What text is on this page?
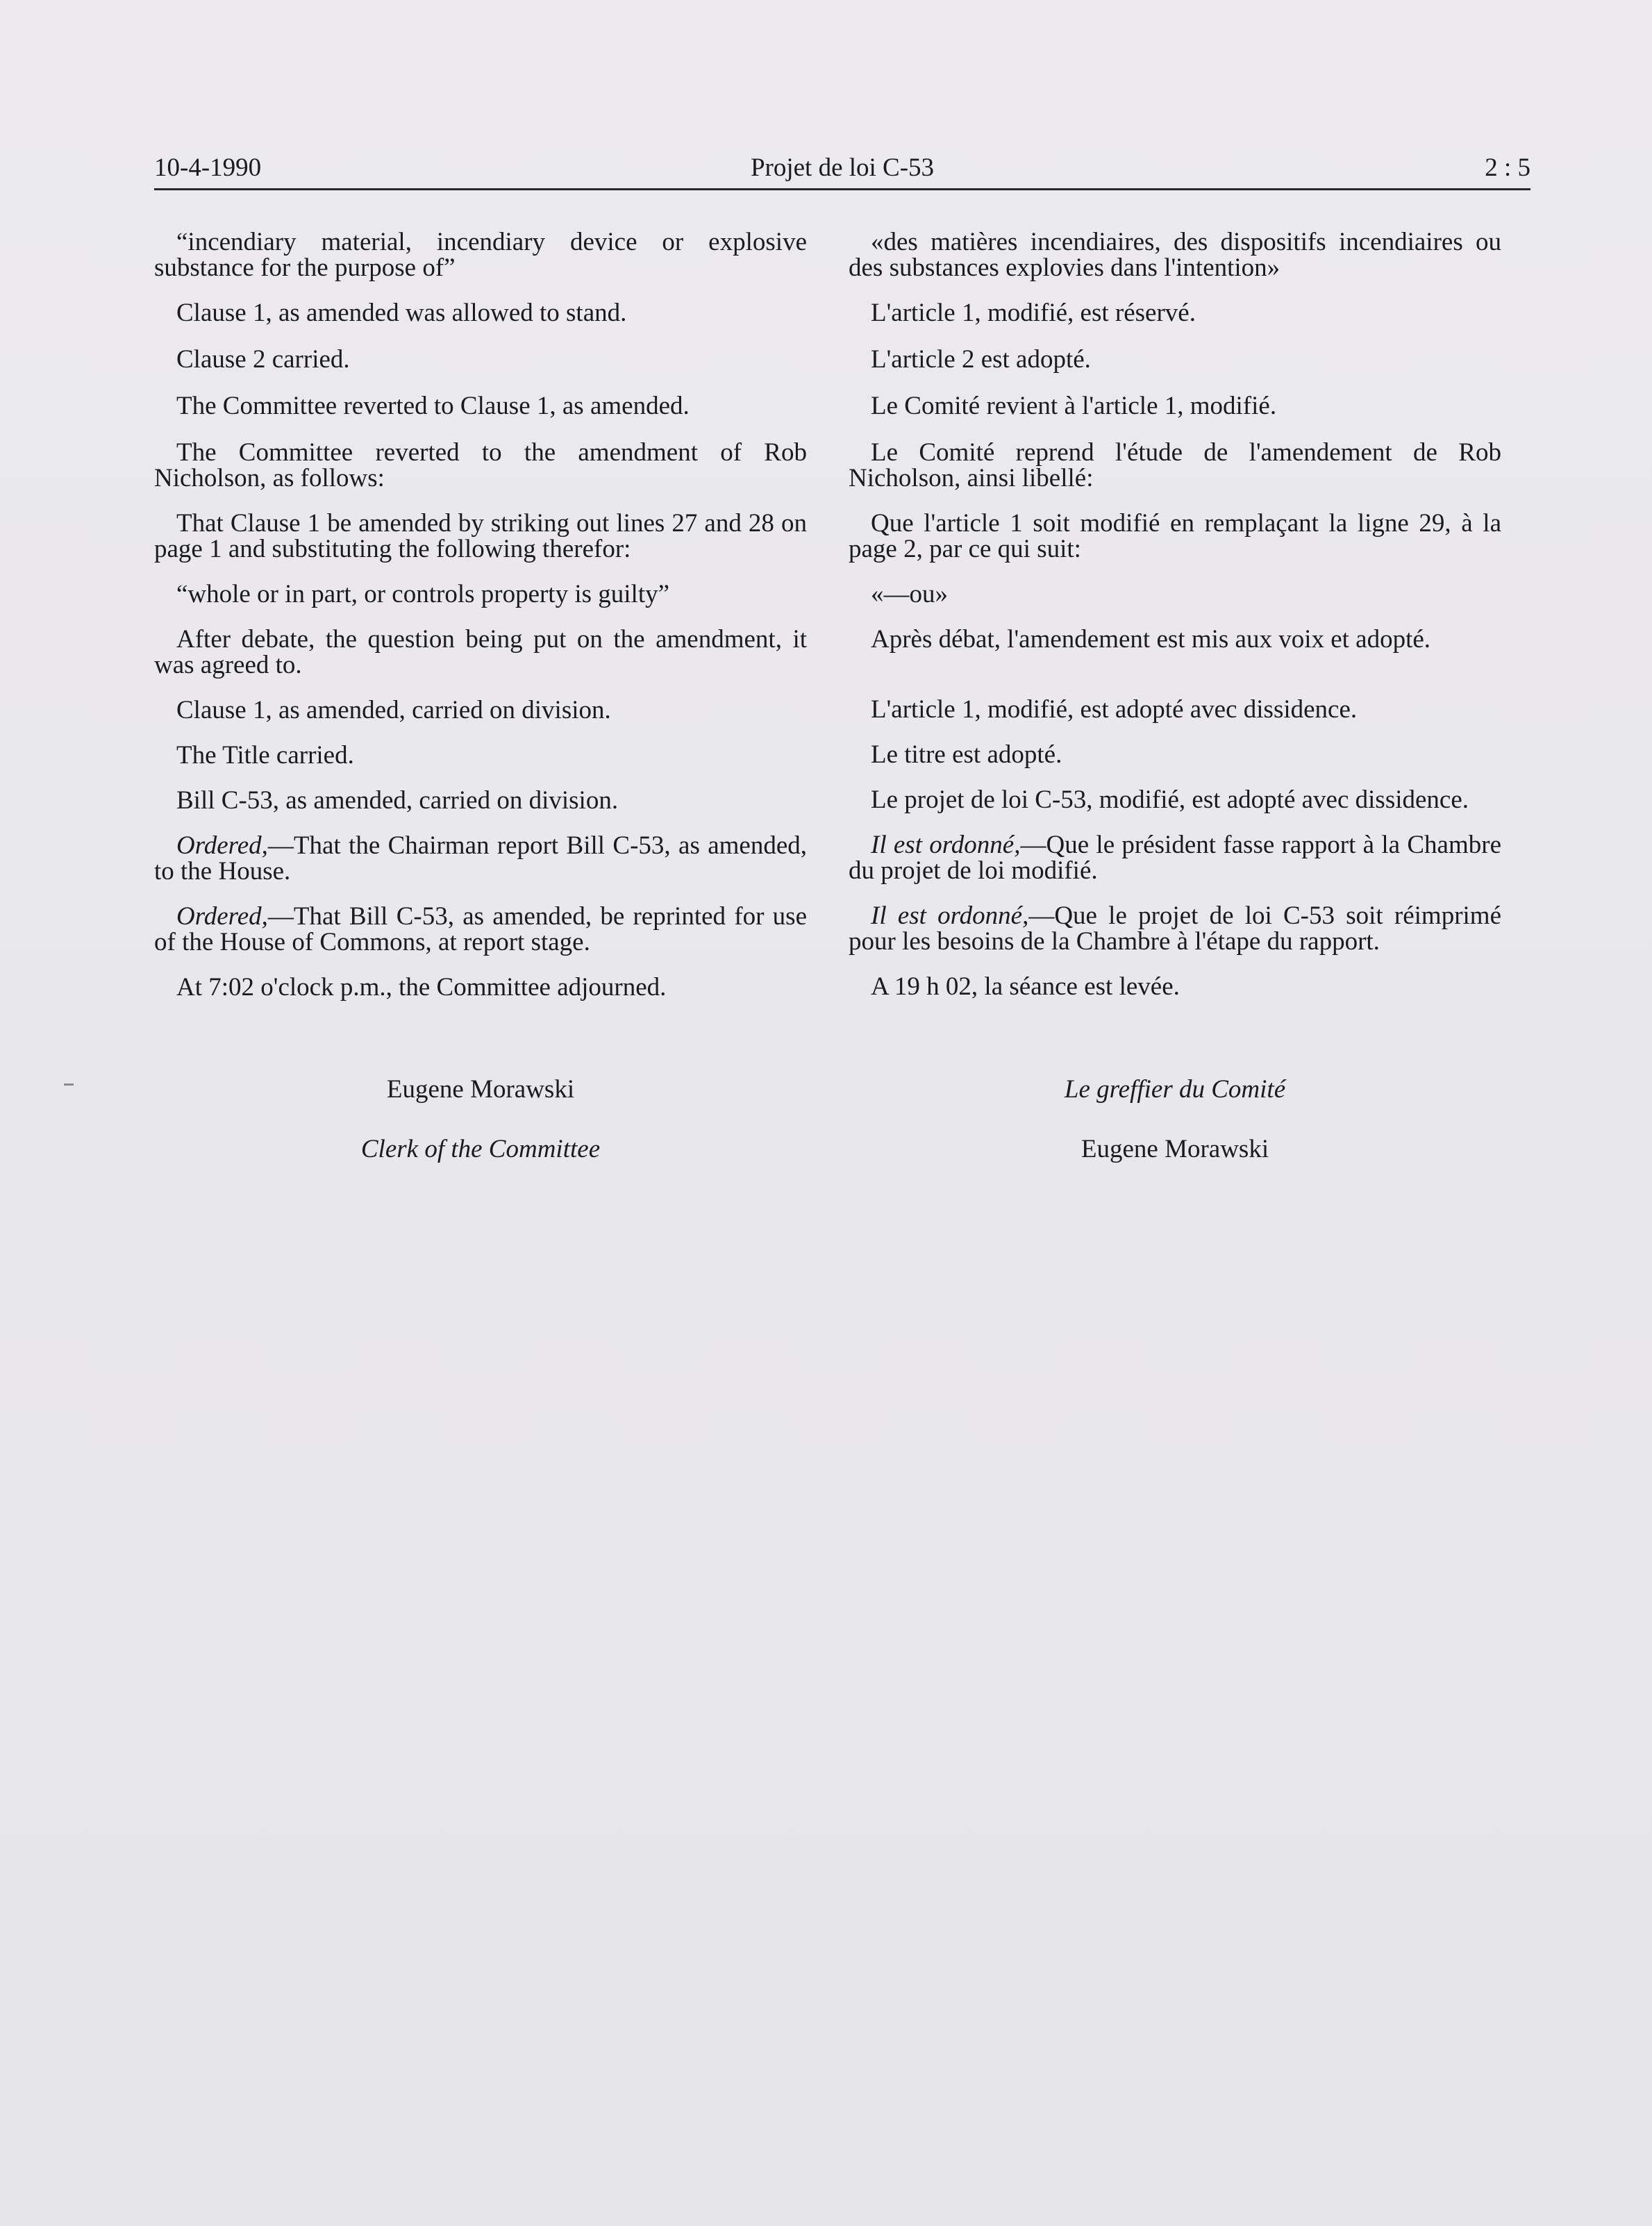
10-4-1990	Projet de loi C-53	2 : 5

“incendiary material, incendiary device or explosive substance for the purpose of”

Clause 1, as amended was allowed to stand.

Clause 2 carried.

The Committee reverted to Clause 1, as amended.

The Committee reverted to the amendment of Rob Nicholson, as follows:

That Clause 1 be amended by striking out lines 27 and 28 on page 1 and substituting the following therefor:

“whole or in part, or controls property is guilty”

After debate, the question being put on the amendment, it was agreed to.

Clause 1, as amended, carried on division.

The Title carried.

Bill C-53, as amended, carried on division.

Ordered,—That the Chairman report Bill C-53, as amended, to the House.

Ordered,—That Bill C-53, as amended, be reprinted for use of the House of Commons, at report stage.

At 7:02 o'clock p.m., the Committee adjourned.

«des matières incendiaires, des dispositifs incendiaires ou des substances explovies dans l'intention»

L'article 1, modifié, est réservé.

L'article 2 est adopté.

Le Comité revient à l'article 1, modifié.

Le Comité reprend l'étude de l'amendement de Rob Nicholson, ainsi libellé:

Que l'article 1 soit modifié en remplaçant la ligne 29, à la page 2, par ce qui suit:

«—ou»

Après débat, l'amendement est mis aux voix et adopté.

L'article 1, modifié, est adopté avec dissidence.

Le titre est adopté.

Le projet de loi C-53, modifié, est adopté avec dissidence.

Il est ordonné,—Que le président fasse rapport à la Chambre du projet de loi modifié.

Il est ordonné,—Que le projet de loi C-53 soit réimprimé pour les besoins de la Chambre à l'étape du rapport.

A 19 h 02, la séance est levée.

Eugene Morawski
Clerk of the Committee
Le greffier du Comité
Eugene Morawski
